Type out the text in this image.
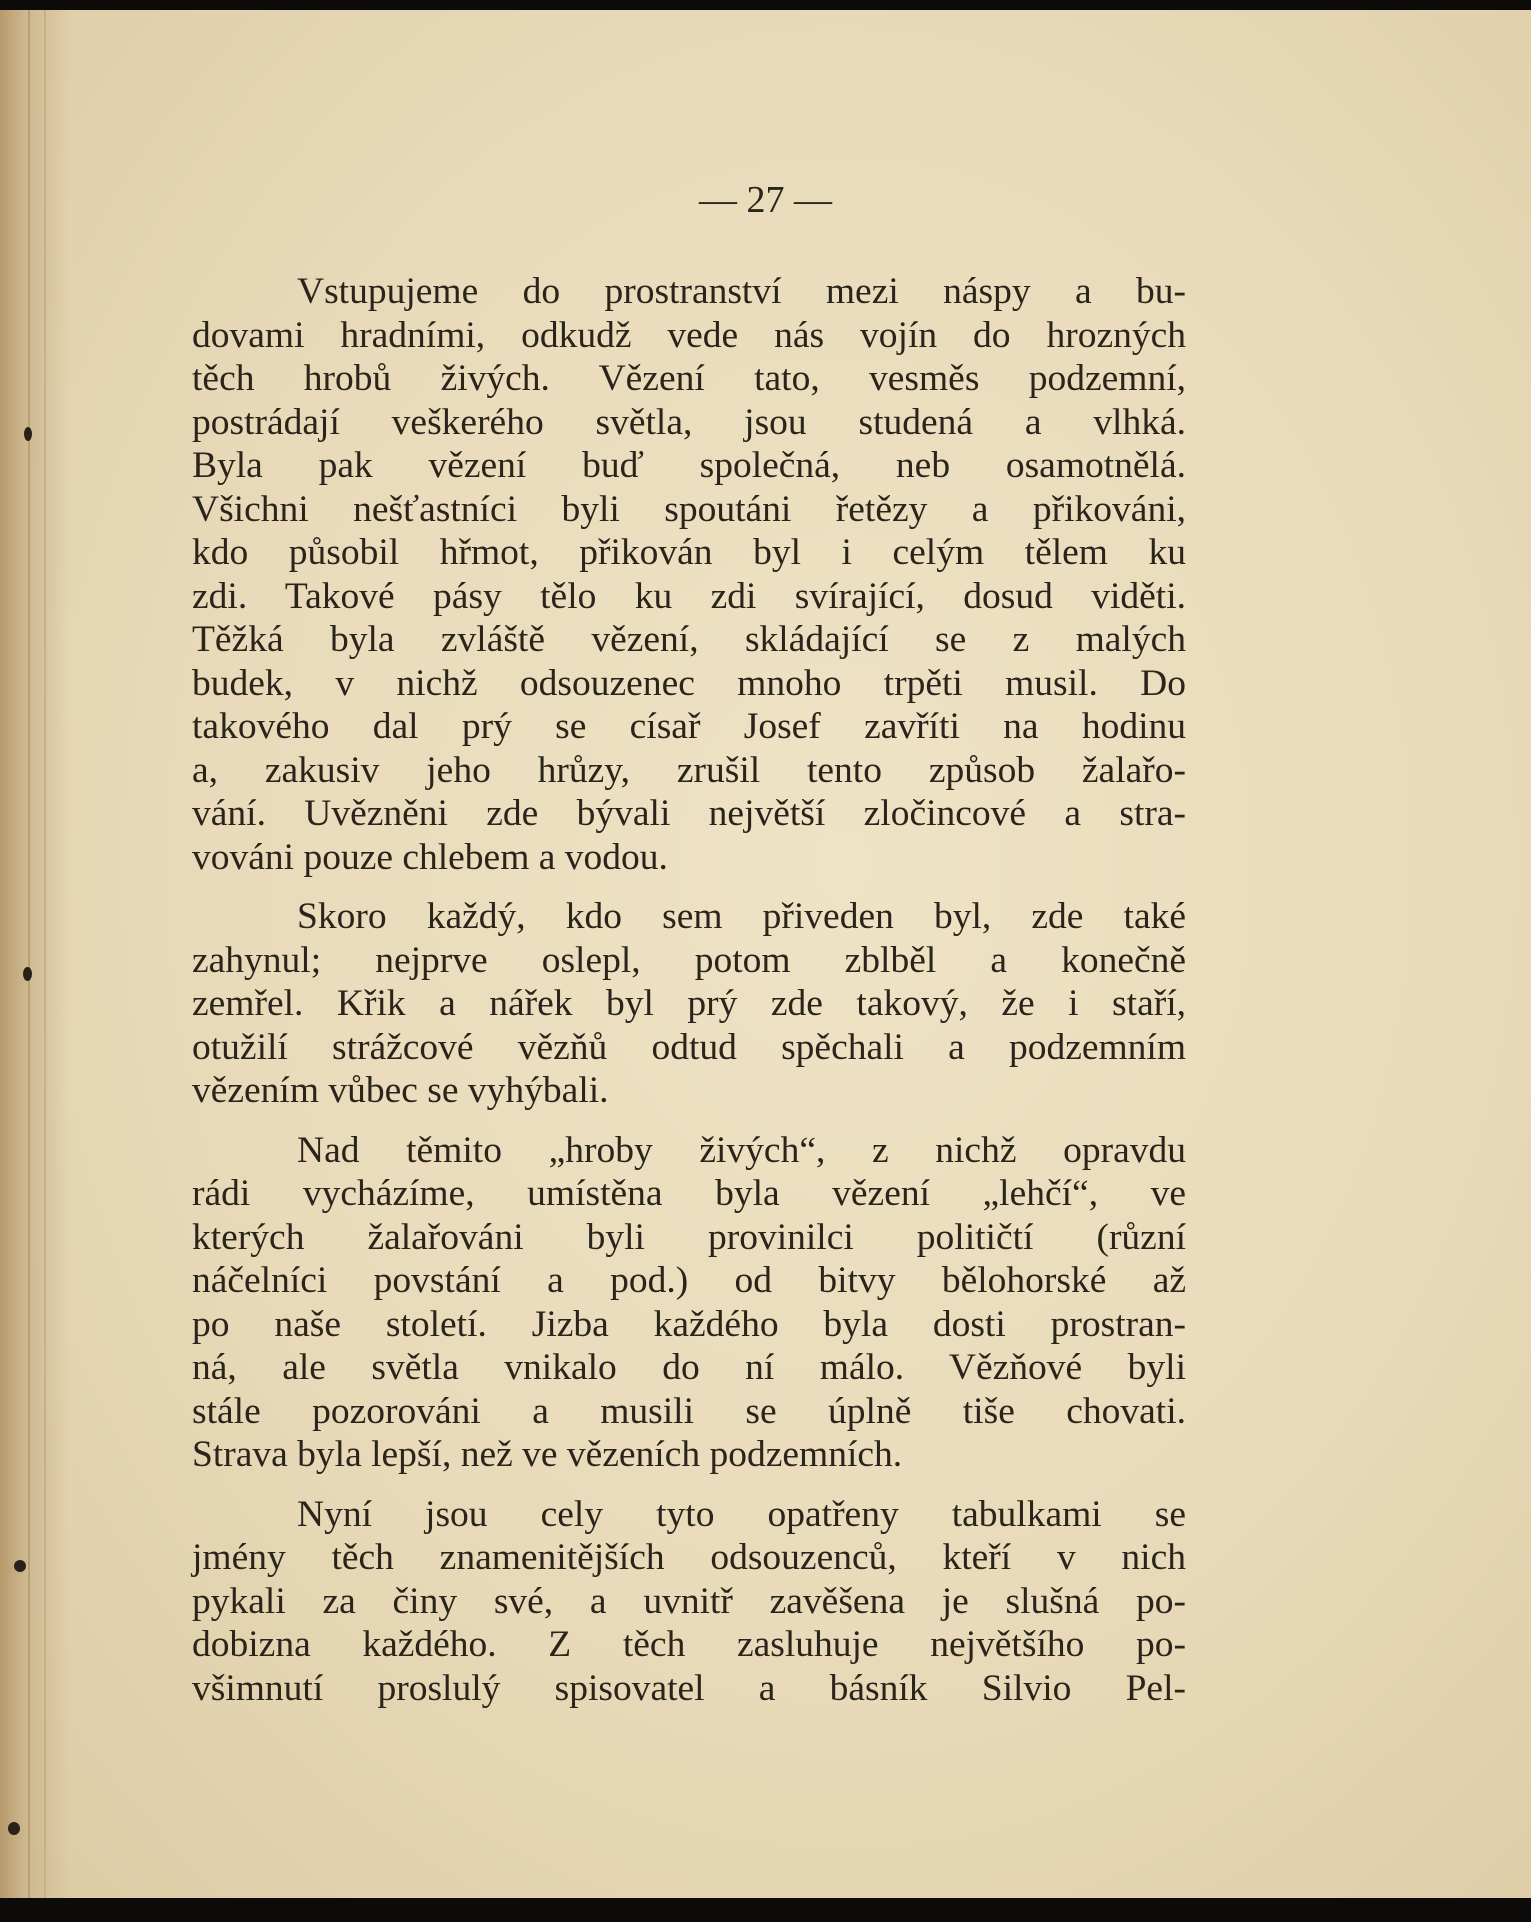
— 27 —

Vstupujeme do prostranství mezi náspy a bu-
dovami hradními, odkudž vede nás vojín do hrozných
těch hrobů živých. Vězení tato, vesměs podzemní,
postrádají veškerého světla, jsou studená a vlhká.
Byla pak vězení buď společná, neb osamotnělá.
Všichni nešťastníci byli spoutáni řetězy a přikováni,
kdo působil hřmot, přikován byl i celým tělem ku
zdi. Takové pásy tělo ku zdi svírající, dosud viděti.
Těžká byla zvláště vězení, skládající se z malých
budek, v nichž odsouzenec mnoho trpěti musil. Do
takového dal prý se císař Josef zavříti na hodinu
a, zakusiv jeho hrůzy, zrušil tento způsob žalařo-
vání. Uvězněni zde bývali největší zločincové a stra-
vováni pouze chlebem a vodou.
Skoro každý, kdo sem přiveden byl, zde také
zahynul; nejprve oslepl, potom zblběl a konečně
zemřel. Křik a nářek byl prý zde takový, že i staří,
otužilí strážcové vězňů odtud spěchali a podzemním
vězením vůbec se vyhýbali.
Nad těmito „hroby živých“, z nichž opravdu
rádi vycházíme, umístěna byla vězení „lehčí“, ve
kterých žalařováni byli provinilci političtí (různí
náčelníci povstání a pod.) od bitvy bělohorské až
po naše století. Jizba každého byla dosti prostran-
ná, ale světla vnikalo do ní málo. Vězňové byli
stále pozorováni a musili se úplně tiše chovati.
Strava byla lepší, než ve vězeních podzemních.
Nyní jsou cely tyto opatřeny tabulkami se
jmény těch znamenitějších odsouzenců, kteří v nich
pykali za činy své, a uvnitř zavěšena je slušná po-
dobizna každého. Z těch zasluhuje největšího po-
všimnutí proslulý spisovatel a básník Silvio Pel-
